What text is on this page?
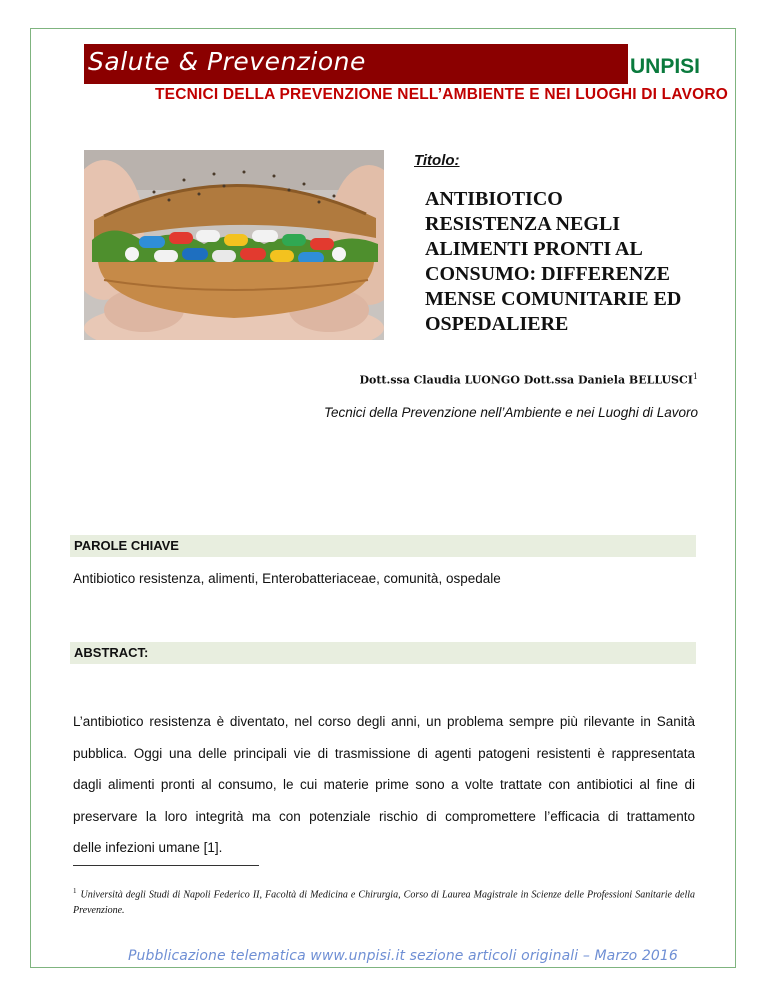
Salute & Prevenzione	UNPISI
TECNICI DELLA PREVENZIONE NELL’AMBIENTE E NEI LUOGHI DI LAVORO
Titolo:
ANTIBIOTICO
RESISTENZA NEGLI
ALIMENTI PRONTI AL
CONSUMO: DIFFERENZE
MENSE COMUNITARIE ED
OSPEDALIERE
Dott.ssa Claudia LUONGO Dott.ssa Daniela BELLUSCI$^1$
Tecnici della Prevenzione nell’Ambiente e nei Luoghi di Lavoro
PAROLE CHIAVE
Antibiotico resistenza, alimenti, Enterobatteriaceae, comunità, ospedale
ABSTRACT:

L’antibiotico resistenza è diventato, nel corso degli anni, un problema sempre più rilevante in Sanità
pubblica. Oggi una delle principali vie di trasmissione di agenti patogeni resistenti è rappresentata
dagli alimenti pronti al consumo, le cui materie prime sono a volte trattate con antibiotici al fine di
preservare la loro integrità ma con potenziale rischio di compromettere l’efficacia di trattamento
delle infezioni umane [1].

$^1$ Università degli Studi di Napoli Federico II, Facoltà di Medicina e Chirurgia, Corso di Laurea Magistrale in Scienze delle Professioni Sanitarie della Prevenzione.

Pubblicazione telematica www.unpisi.it sezione articoli originali – Marzo 2016
